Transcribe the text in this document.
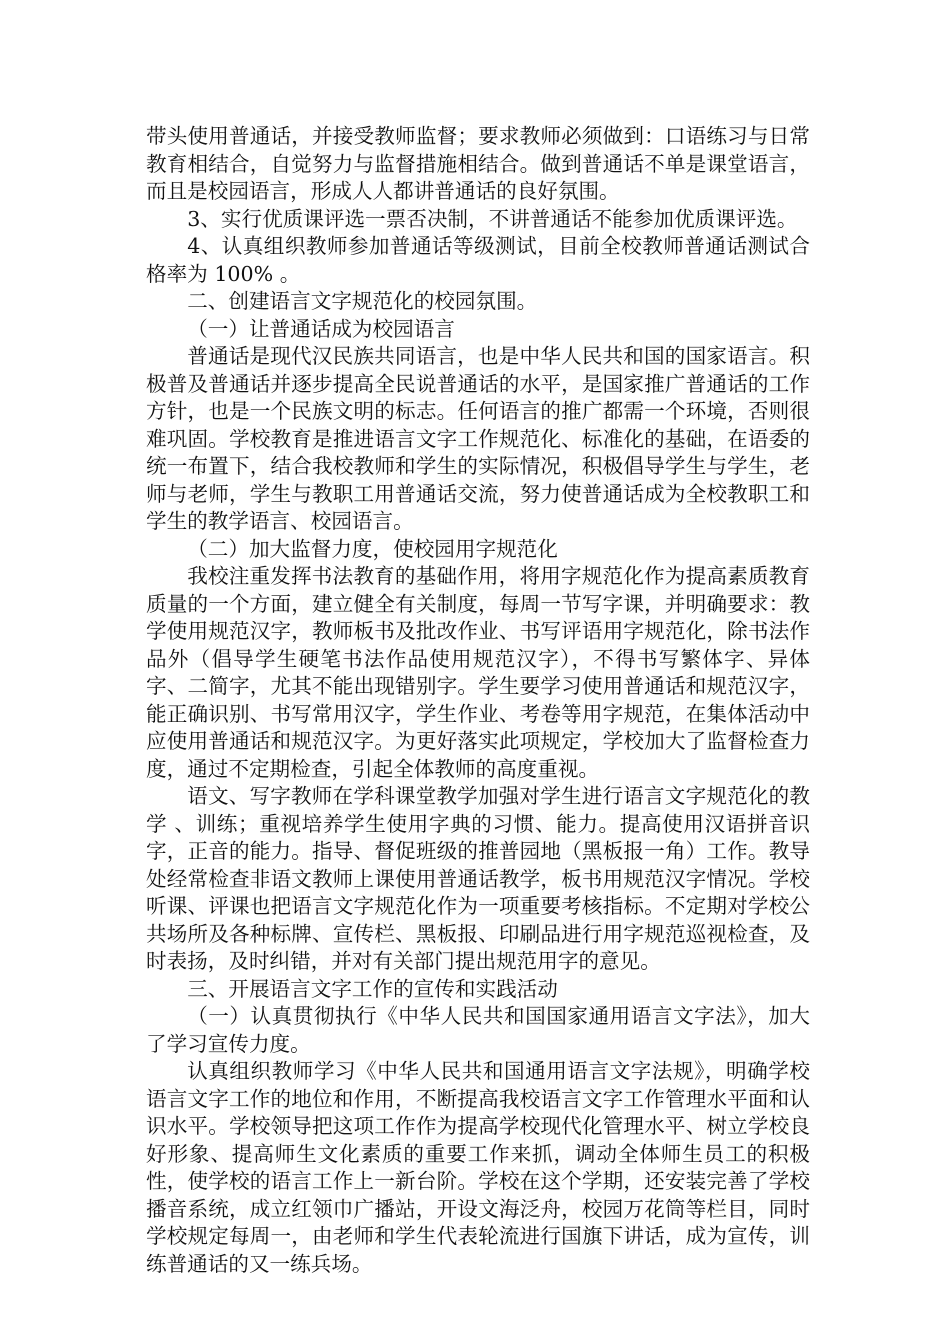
带头使用普通话，并接受教师监督；要求教师必须做到：口语练习与日常教育相结合，自觉努力与监督措施相结合。做到普通话不单是课堂语言，而且是校园语言，形成人人都讲普通话的良好氛围。

3、实行优质课评选一票否决制，不讲普通话不能参加优质课评选。

4、认真组织教师参加普通话等级测试，目前全校教师普通话测试合格率为 100% 。

二、创建语言文字规范化的校园氛围。

（一）让普通话成为校园语言

普通话是现代汉民族共同语言，也是中华人民共和国的国家语言。积极普及普通话并逐步提高全民说普通话的水平，是国家推广普通话的工作方针，也是一个民族文明的标志。任何语言的推广都需一个环境，否则很难巩固。学校教育是推进语言文字工作规范化、标准化的基础，在语委的统一布置下，结合我校教师和学生的实际情况，积极倡导学生与学生，老师与老师，学生与教职工用普通话交流，努力使普通话成为全校教职工和学生的教学语言、校园语言。

（二）加大监督力度，使校园用字规范化

我校注重发挥书法教育的基础作用，将用字规范化作为提高素质教育质量的一个方面，建立健全有关制度，每周一节写字课，并明确要求：教学使用规范汉字，教师板书及批改作业、书写评语用字规范化，除书法作品外（倡导学生硬笔书法作品使用规范汉字），不得书写繁体字、异体字、二简字，尤其不能出现错别字。学生要学习使用普通话和规范汉字，能正确识别、书写常用汉字，学生作业、考卷等用字规范，在集体活动中应使用普通话和规范汉字。为更好落实此项规定，学校加大了监督检查力度，通过不定期检查，引起全体教师的高度重视。

语文、写字教师在学科课堂教学加强对学生进行语言文字规范化的教学 、训练；重视培养学生使用字典的习惯、能力。提高使用汉语拼音识字，正音的能力。指导、督促班级的推普园地（黑板报一角）工作。教导处经常检查非语文教师上课使用普通话教学，板书用规范汉字情况。学校听课、评课也把语言文字规范化作为一项重要考核指标。不定期对学校公共场所及各种标牌、宣传栏、黑板报、印刷品进行用字规范巡视检查，及时表扬，及时纠错，并对有关部门提出规范用字的意见。

三、开展语言文字工作的宣传和实践活动

（一）认真贯彻执行《中华人民共和国国家通用语言文字法》，加大了学习宣传力度。

认真组织教师学习《中华人民共和国通用语言文字法规》，明确学校语言文字工作的地位和作用，不断提高我校语言文字工作管理水平面和认识水平。学校领导把这项工作作为提高学校现代化管理水平、树立学校良好形象、提高师生文化素质的重要工作来抓，调动全体师生员工的积极性，使学校的语言工作上一新台阶。学校在这个学期，还安装完善了学校播音系统，成立红领巾广播站，开设文海泛舟，校园万花筒等栏目，同时学校规定每周一，由老师和学生代表轮流进行国旗下讲话，成为宣传，训练普通话的又一练兵场。
